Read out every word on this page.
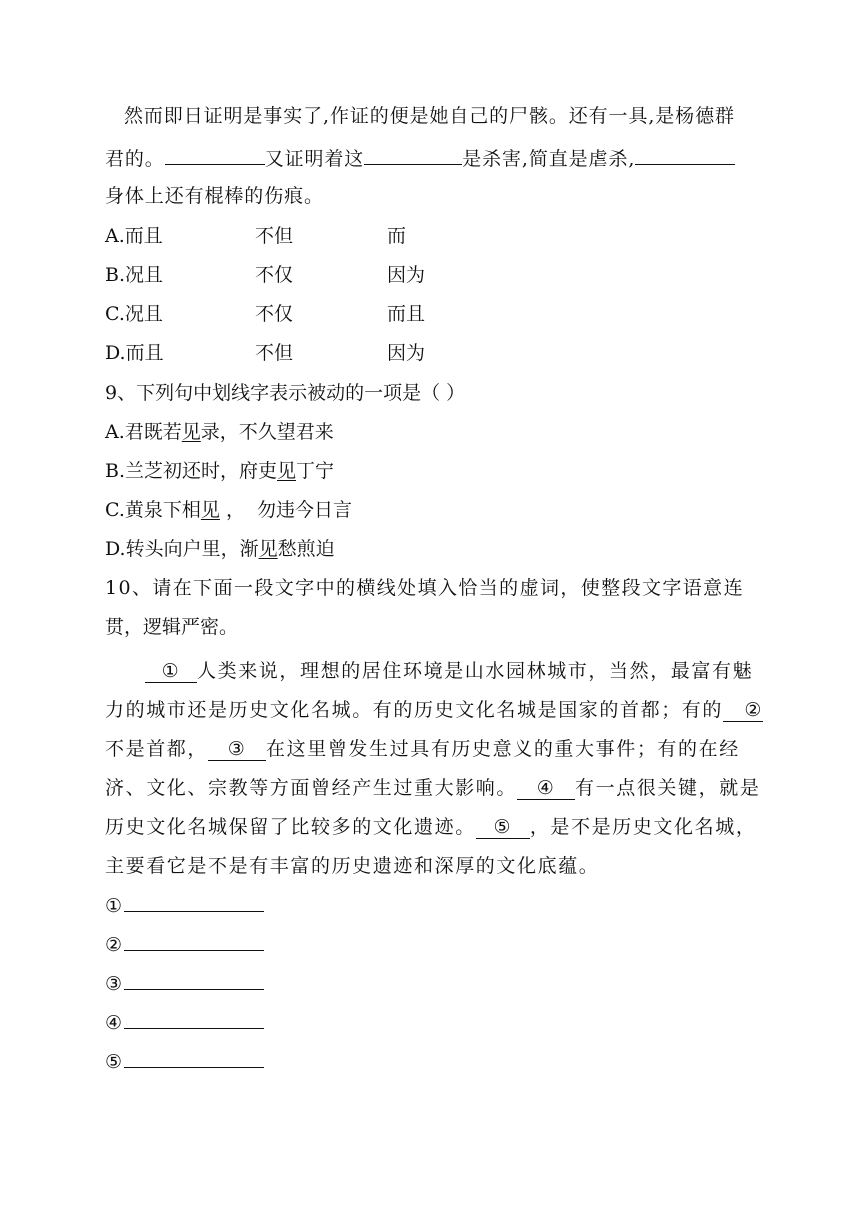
然而即日证明是事实了,作证的便是她自己的尸骸。还有一具,是杨德群
君的。	又证明着这	是杀害,简直是虐杀,
身体上还有棍棒的伤痕。
A.而且	不但	而
B.况且	不仅	因为
C.况且	不仅	而且
D.而且	不但	因为
9、下列句中划线字表示被动的一项是（ ）
A.君既若见录，不久望君来
B.兰芝初还时，府吏见丁宁
C.黄泉下相见 ，  勿违今日言
D.转头向户里，渐见愁煎迫
10、请在下面一段文字中的横线处填入恰当的虚词，使整段文字语意连
贯，逻辑严密。
① 人类来说，理想的居住环境是山水园林城市，当然，最富有魅
力的城市还是历史文化名城。有的历史文化名城是国家的首都；有的 ②
不是首都， ③ 在这里曾发生过具有历史意义的重大事件；有的在经
济、文化、宗教等方面曾经产生过重大影响。 ④ 有一点很关键，就是
历史文化名城保留了比较多的文化遗迹。 ⑤ ，是不是历史文化名城，
主要看它是不是有丰富的历史遗迹和深厚的文化底蕴。
①
②
③
④
⑤
